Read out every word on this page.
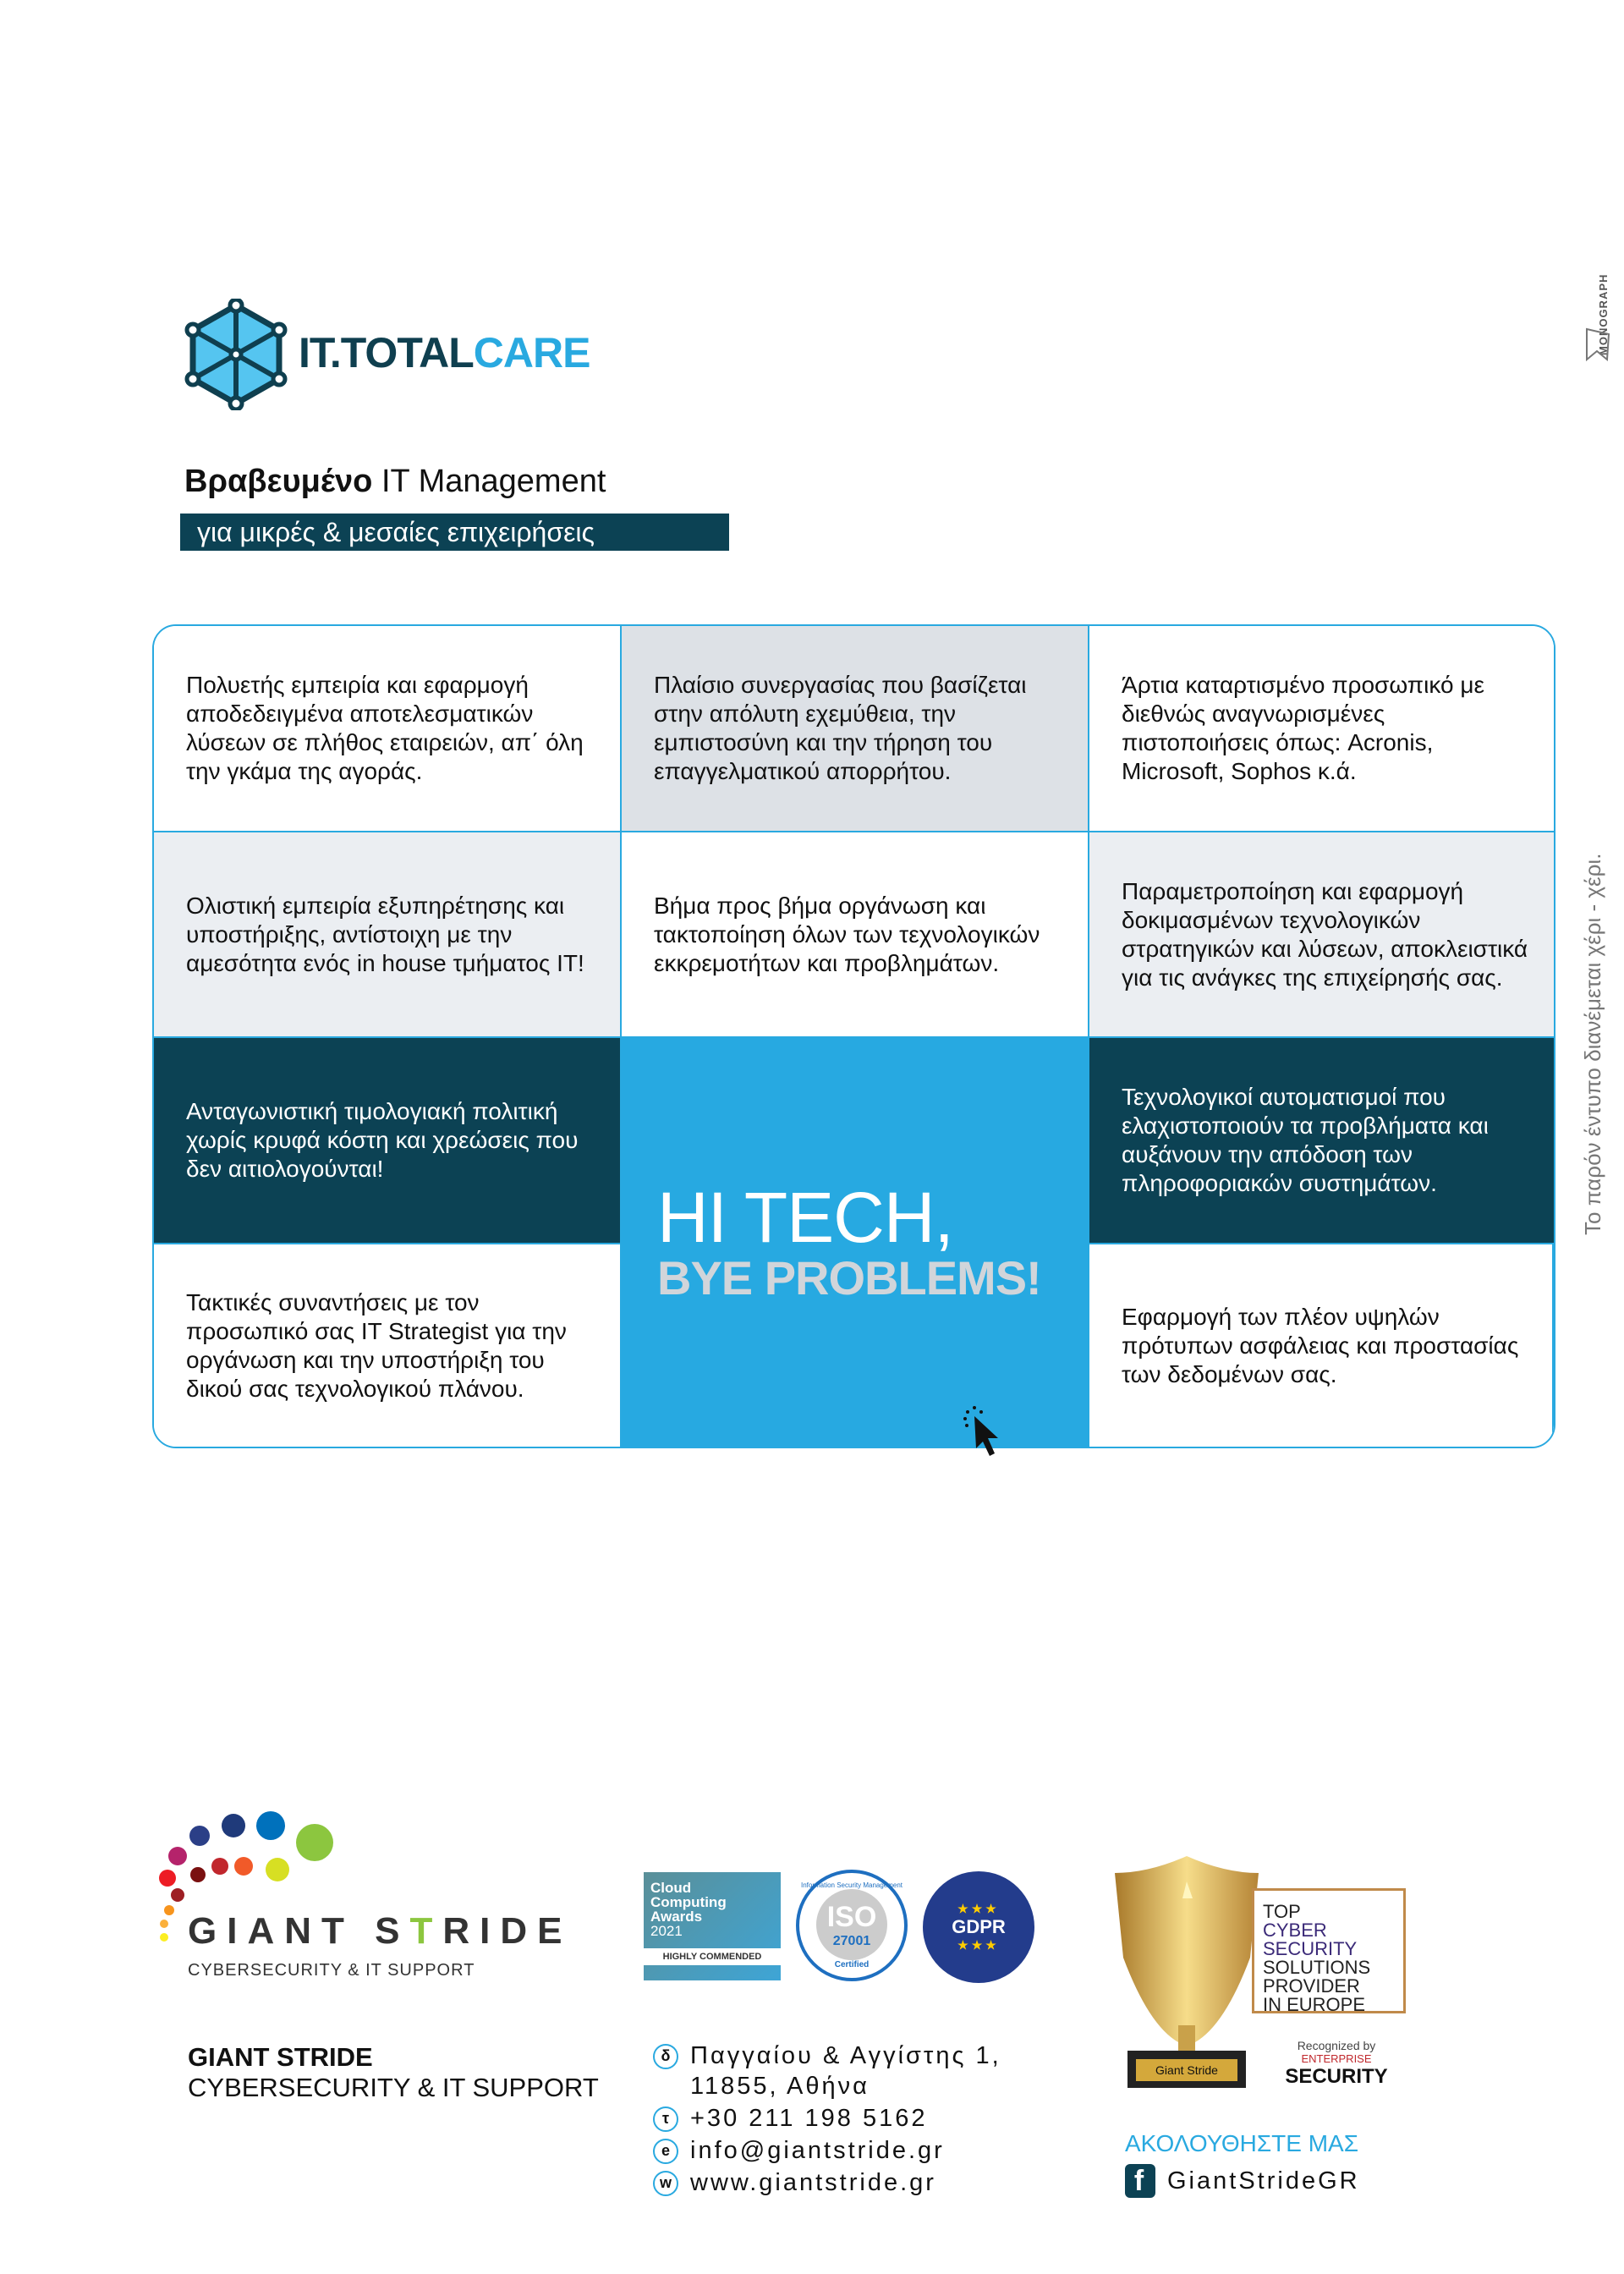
IT.TOTALCARE
Βραβευμένο IT Management
για μικρές & μεσαίες επιχειρήσεις
Πολυετής εμπειρία και εφαρμογή αποδεδειγμένα αποτελεσματικών λύσεων σε πλήθος εταιρειών, απ΄ όλη την γκάμα της αγοράς.
Πλαίσιο συνεργασίας που βασίζεται στην απόλυτη εχεμύθεια, την εμπιστοσύνη και την τήρηση του επαγγελματικού απορρήτου.
Άρτια καταρτισμένο προσωπικό με διεθνώς αναγνωρισμένες πιστοποιήσεις όπως: Acronis, Microsoft, Sophos κ.ά.
Ολιστική εμπειρία εξυπηρέτησης και υποστήριξης, αντίστοιχη με την αμεσότητα ενός in house τμήματος IT!
Βήμα προς βήμα οργάνωση και τακτοποίηση όλων των τεχνολογικών εκκρεμοτήτων και προβλημάτων.
Παραμετροποίηση και εφαρμογή δοκιμασμένων τεχνολογικών στρατηγικών και λύσεων, αποκλειστικά για τις ανάγκες της επιχείρησής σας.
Ανταγωνιστική τιμολογιακή πολιτική χωρίς κρυφά κόστη και χρεώσεις που δεν αιτιολογούνται!
HI TECH,
BYE PROBLEMS!
Τεχνολογικοί αυτοματισμοί που ελαχιστοποιούν τα προβλήματα και αυξάνουν την απόδοση των πληροφοριακών συστημάτων.
Τακτικές συναντήσεις με τον προσωπικό σας IT Strategist για την οργάνωση και την υποστήριξη του δικού σας τεχνολογικού πλάνου.
Εφαρμογή των πλέον υψηλών πρότυπων ασφάλειας και προστασίας των δεδομένων σας.
Το παρόν έντυπο διανέμεται χέρι - χέρι.
MONOGRAPH
GIANT STRIDE
CYBERSECURITY & IT SUPPORT
GIANT STRIDE
CYBERSECURITY & IT SUPPORT
Cloud
Computing
Awards
2021
HIGHLY COMMENDED
Information Security Management
ISO
27001
Certified
★★★
GDPR
★★★
Giant Stride
TOP
CYBER SECURITY
SOLUTIONS
PROVIDER
IN EUROPE
Recognized by
ENTERPRISE
SECURITY
δ Παγγαίου & Αγγίστης 1,
11855, Αθήνα
τ +30 211 198 5162
e info@giantstride.gr
w www.giantstride.gr
ΑΚΟΛΟΥΘΗΣΤΕ ΜΑΣ
f GiantStrideGR
